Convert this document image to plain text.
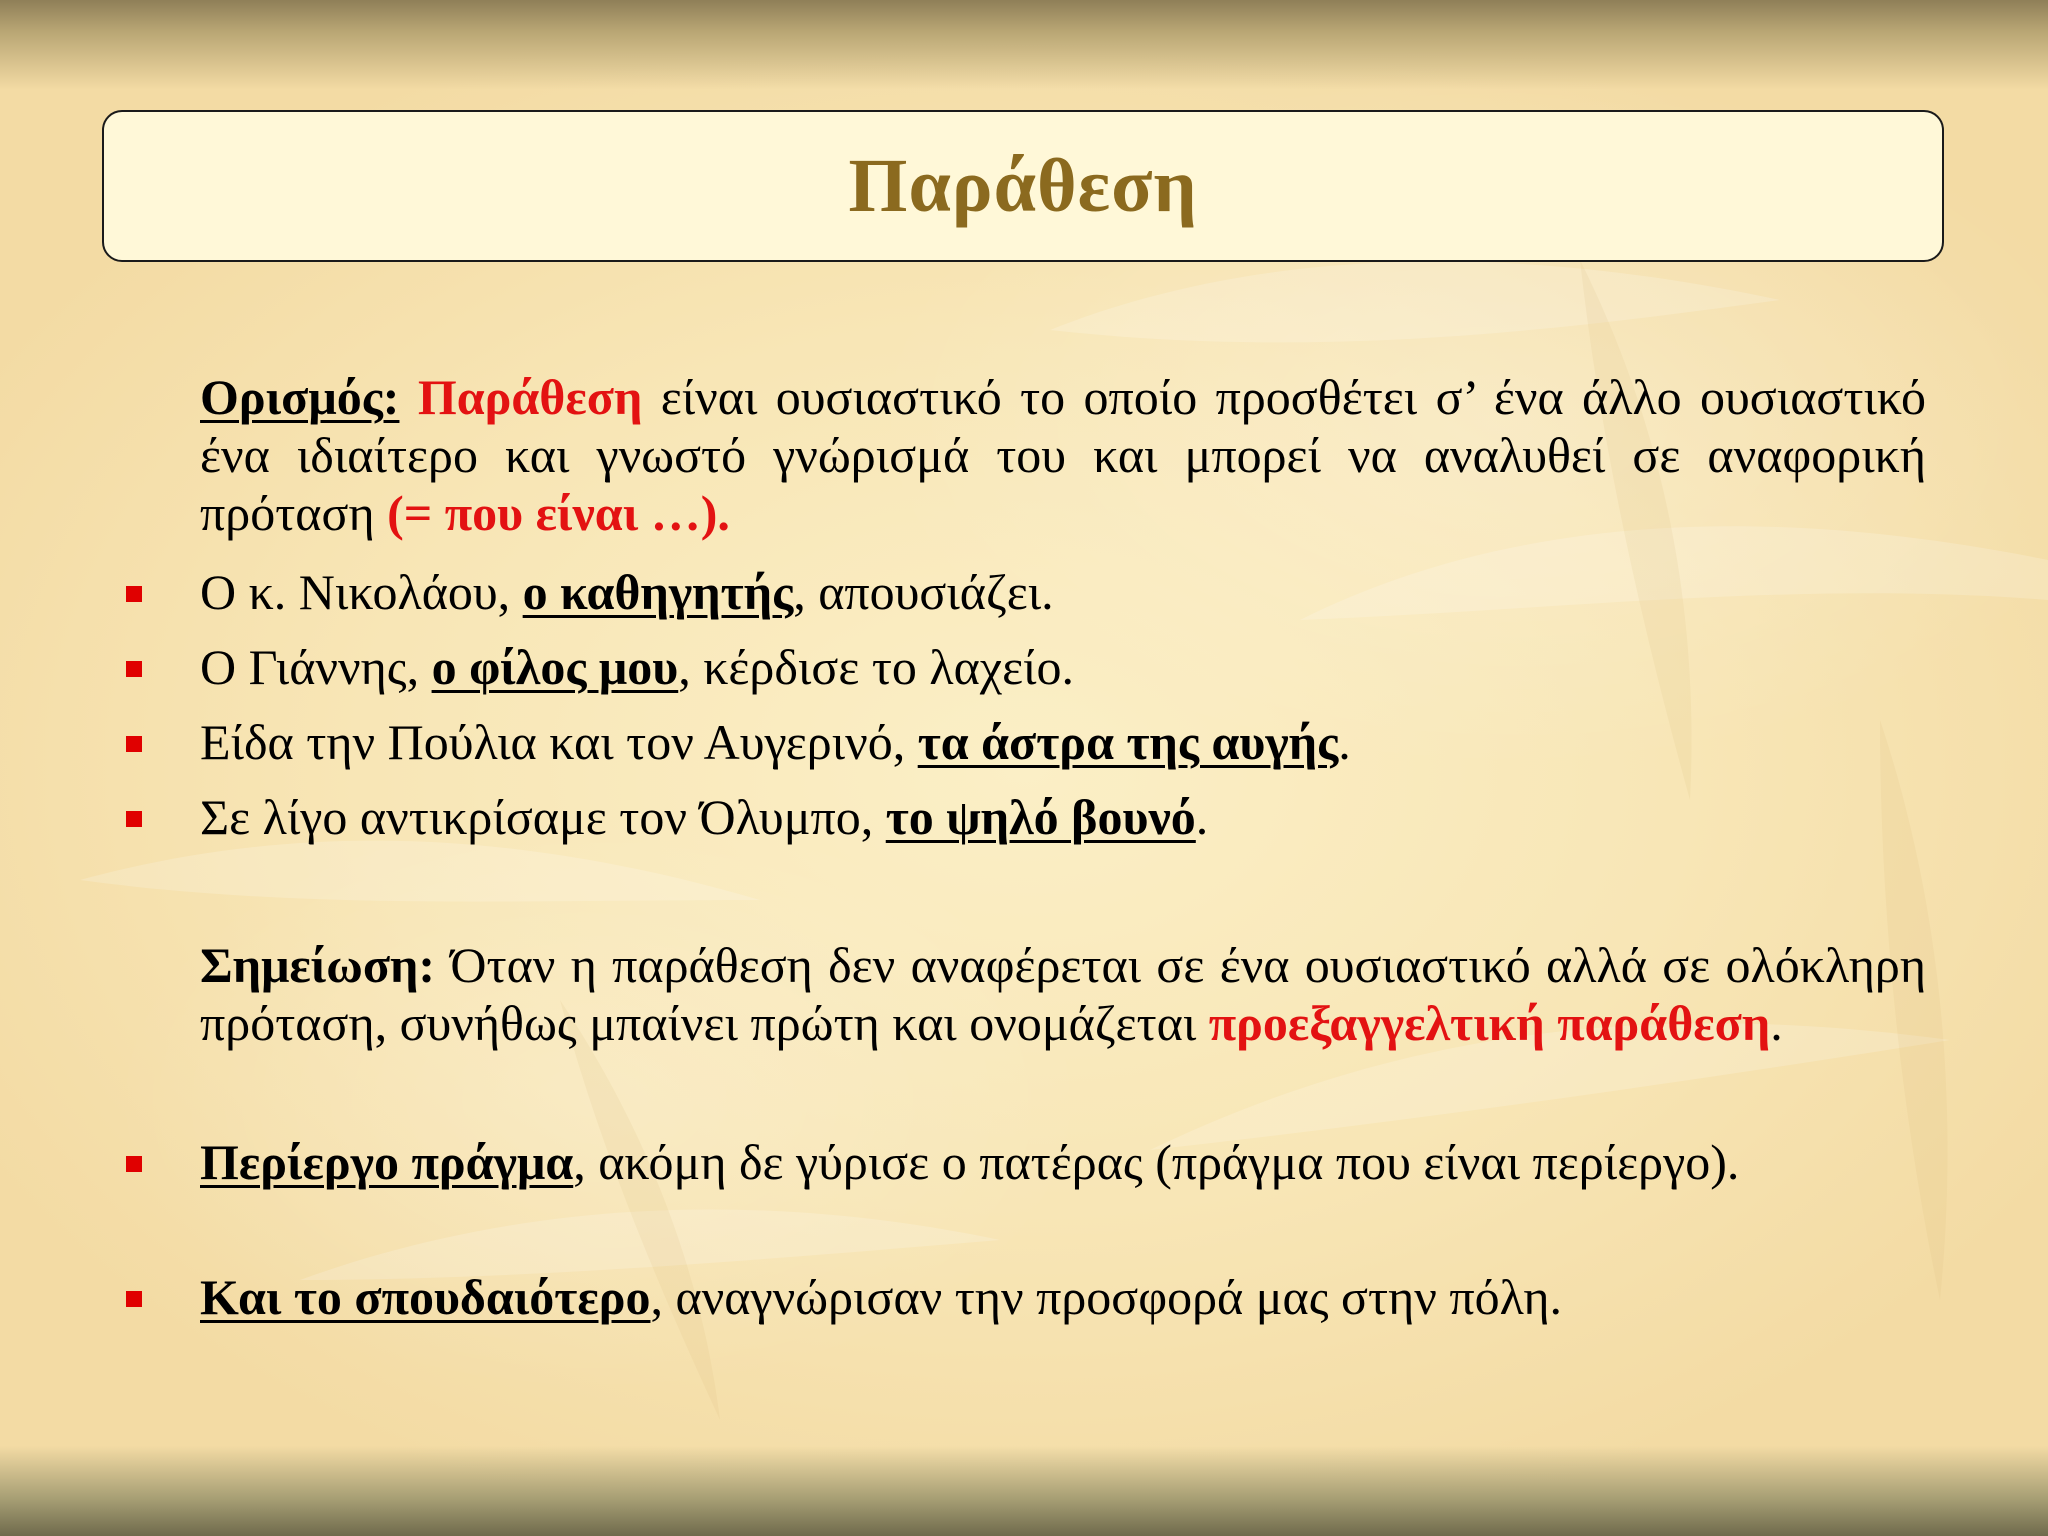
Παράθεση
Ορισμός: Παράθεση είναι ουσιαστικό το οποίο προσθέτει σ’ ένα άλλο ουσιαστικό ένα ιδιαίτερο και γνωστό γνώρισμά του και μπορεί να αναλυθεί σε αναφορική πρόταση (= που είναι …).
Ο κ. Νικολάου, ο καθηγητής, απουσιάζει.
Ο Γιάννης, ο φίλος μου, κέρδισε το λαχείο.
Είδα την Πούλια και τον Αυγερινό, τα άστρα της αυγής.
Σε λίγο αντικρίσαμε τον Όλυμπο, το ψηλό βουνό.
Σημείωση: Όταν η παράθεση δεν αναφέρεται σε ένα ουσιαστικό αλλά σε ολόκληρη πρόταση, συνήθως μπαίνει πρώτη και ονομάζεται προεξαγγελτική παράθεση.
Περίεργο πράγμα, ακόμη δε γύρισε ο πατέρας (πράγμα που είναι περίεργο).
Και το σπουδαιότερο, αναγνώρισαν την προσφορά μας στην πόλη.
